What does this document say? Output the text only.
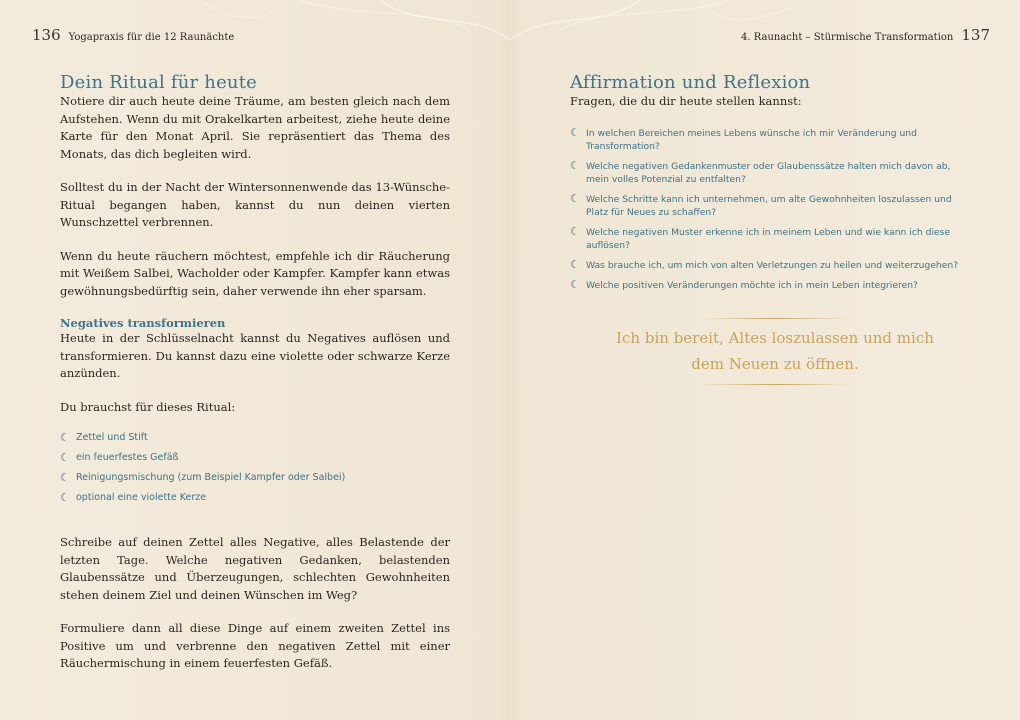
136 Yogapraxis für die 12 Raunächte
Dein Ritual für heute

Notiere dir auch heute deine Träume, am besten gleich nach dem Aufstehen. Wenn du mit Orakelkarten arbeitest, ziehe heute deine Karte für den Monat April. Sie repräsentiert das Thema des Monats, das dich begleiten wird.

Solltest du in der Nacht der Wintersonnenwende das 13-Wünsche-Ritual begangen haben, kannst du nun deinen vierten Wunschzettel verbrennen.

Wenn du heute räuchern möchtest, empfehle ich dir Räucherung mit Weißem Salbei, Wacholder oder Kampfer. Kampfer kann etwas gewöhnungsbedürftig sein, daher verwende ihn eher sparsam.

Negatives transformieren

Heute in der Schlüsselnacht kannst du Negatives auflösen und transformieren. Du kannst dazu eine violette oder schwarze Kerze anzünden.

Du brauchst für dieses Ritual:

☾ Zettel und Stift
☾ ein feuerfestes Gefäß
☾ Reinigungsmischung (zum Beispiel Kampfer oder Salbei)
☾ optional eine violette Kerze

Schreibe auf deinen Zettel alles Negative, alles Belastende der letzten Tage. Welche negativen Gedanken, belastenden Glaubenssätze und Überzeugungen, schlechten Gewohnheiten stehen deinem Ziel und deinen Wünschen im Weg?

Formuliere dann all diese Dinge auf einem zweiten Zettel ins Positive um und verbrenne den negativen Zettel mit einer Räuchermischung in einem feuerfesten Gefäß.

4. Raunacht – Stürmische Transformation 137
Affirmation und Reflexion

Fragen, die du dir heute stellen kannst:

☾ In welchen Bereichen meines Lebens wünsche ich mir Veränderung und Transformation?
☾ Welche negativen Gedankenmuster oder Glaubenssätze halten mich davon ab, mein volles Potenzial zu entfalten?
☾ Welche Schritte kann ich unternehmen, um alte Gewohnheiten loszulassen und Platz für Neues zu schaffen?
☾ Welche negativen Muster erkenne ich in meinem Leben und wie kann ich diese auflösen?
☾ Was brauche ich, um mich von alten Verletzungen zu heilen und weiterzugehen?
☾ Welche positiven Veränderungen möchte ich in mein Leben integrieren?
Ich bin bereit, Altes loszulassen und mich
dem Neuen zu öffnen.
